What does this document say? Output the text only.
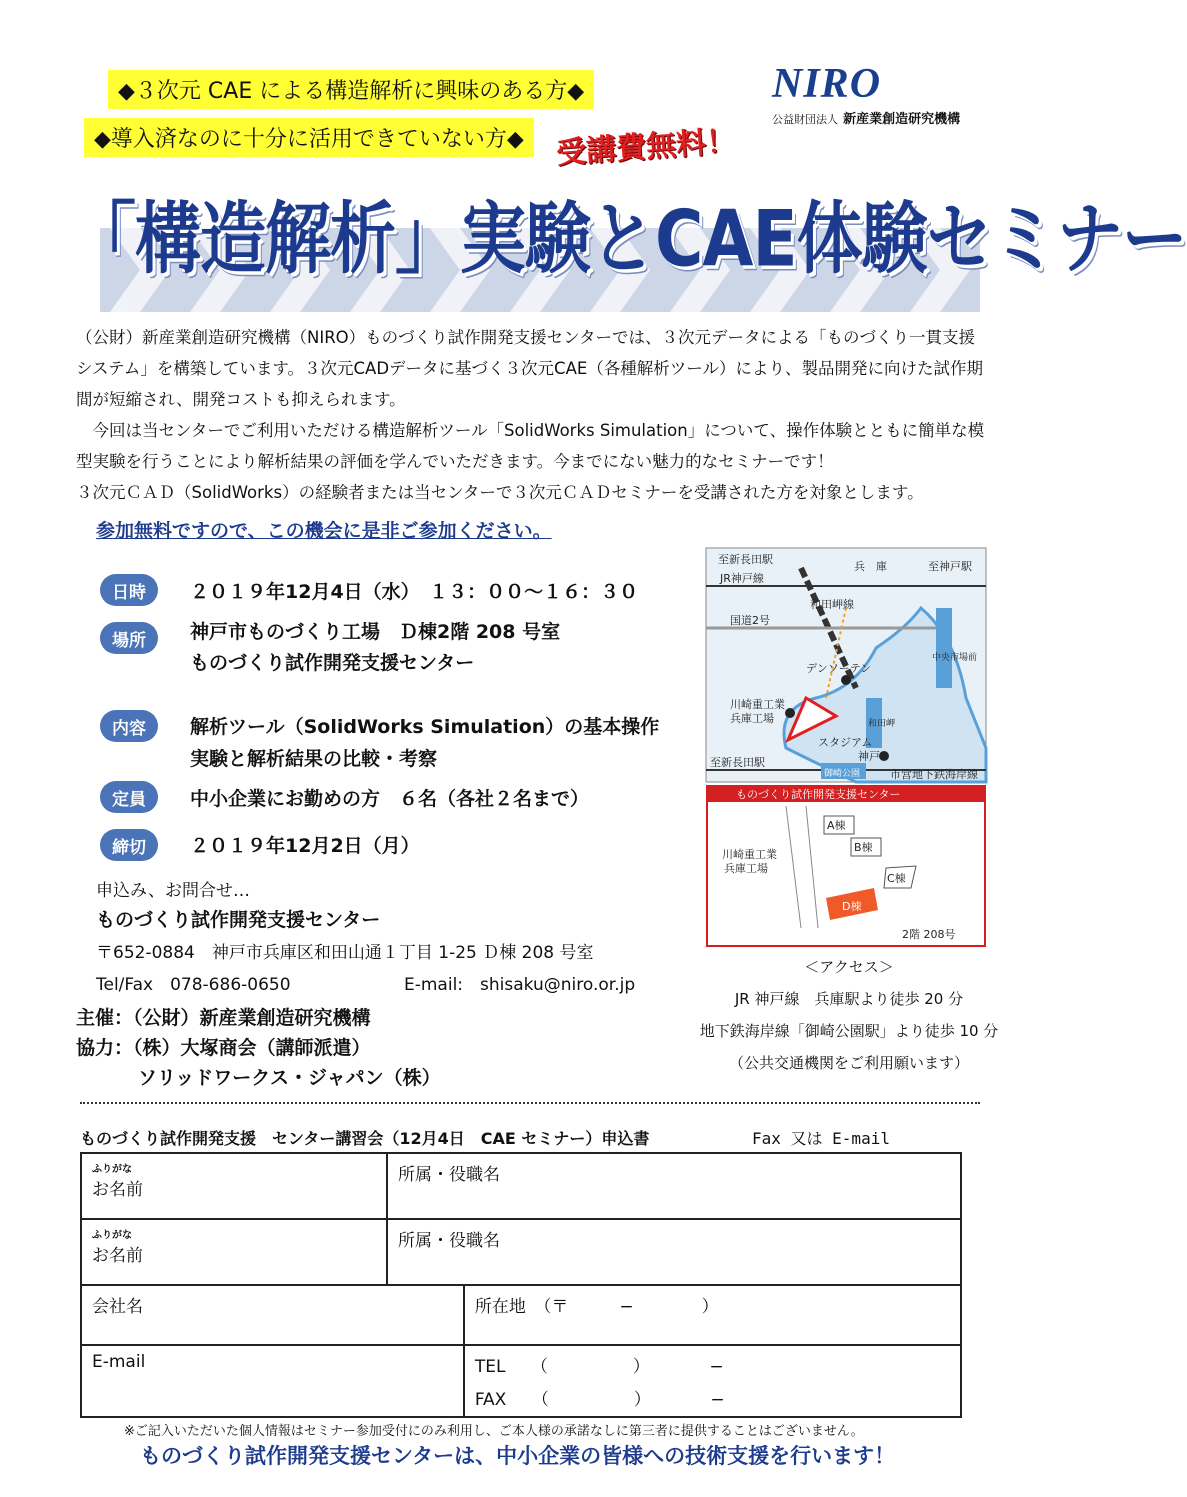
◆３次元 CAE による構造解析に興味のある方◆
◆導入済なのに十分に活用できていない方◆
NIRO
公益財団法人 新産業創造研究機構
受講費無料！
「構造解析」実験とCAE体験セミナー
（公財）新産業創造研究機構（NIRO）ものづくり試作開発支援センターでは、３次元データによる「ものづくり一貫支援システム」を構築しています。３次元CADデータに基づく３次元CAE（各種解析ツール）により、製品開発に向けた試作期間が短縮され、開発コストも抑えられます。
今回は当センターでご利用いただける構造解析ツール「SolidWorks Simulation」について、操作体験とともに簡単な模型実験を行うことにより解析結果の評価を学んでいただきます。今までにない魅力的なセミナーです！
３次元ＣＡＤ（SolidWorks）の経験者または当センターで３次元ＣＡＤセミナーを受講された方を対象とします。
参加無料ですので、この機会に是非ご参加ください。
日時	２０１９年12月4日（水）　１３：００〜１６：３０
場所	神戸市ものづくり工場　Ｄ棟2階 208 号室
ものづくり試作開発支援センター
内容	解析ツール（SolidWorks Simulation）の基本操作
実験と解析結果の比較・考察
定員	中小企業にお勤めの方　６名（各社２名まで）
締切	２０１９年12月2日（月）
申込み、お問合せ…
ものづくり試作開発支援センター
〒652-0884　神戸市兵庫区和田山通１丁目 1-25 Ｄ棟 208 号室
Tel/Fax　078-686-0650	E-mail:　shisaku@niro.or.jp
主催：（公財）新産業創造研究機構
協力：（株）大塚商会（講師派遣）
ソリッドワークス・ジャパン（株）
至新長田駅
JR神戸線
兵　庫	至神戸駅
国道2号
和田岬線
中央市場前
デンソーテン
川崎重工業
兵庫工場	和田岬
スタジアム
神戸
至新長田駅
御崎公園	市営地下鉄海岸線
ものづくり試作開発支援センター
A棟
B棟
C棟
川崎重工業
兵庫工場
D棟
2階 208号
＜アクセス＞
JR 神戸線　兵庫駅より徒歩 20 分
地下鉄海岸線「御崎公園駅」より徒歩 10 分
（公共交通機関をご利用願います）
ものづくり試作開発支援　センター講習会（12月4日　CAE セミナー）申込書	Fax 又は E-mail
ふりがな
お名前	所属・役職名	

ふりがな
お名前	所属・役職名	

会社名		所在地　（〒　　　−　　　　）

E-mail		TEL　　（　　　　　）　　　　−
FAX　　（　　　　　）　　　　−
※ご記入いただいた個人情報はセミナー参加受付にのみ利用し、ご本人様の承諾なしに第三者に提供することはございません。
ものづくり試作開発支援センターは、中小企業の皆様への技術支援を行います！
